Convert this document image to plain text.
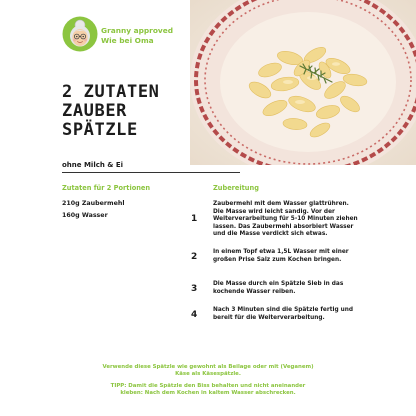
Granny approved
Wie bei Oma
2 ZUTATEN
ZAUBER
SPÄTZLE
ohne Milch & Ei
Zutaten für 2 Portionen
210g Zaubermehl
160g Wasser
Zubereitung
1
Zaubermehl mit dem Wasser glattrühren. Die Masse wird leicht sandig. Vor der Weiterverarbeitung für 5-10 Minuten ziehen lassen. Das Zaubermehl absorbiert Wasser und die Masse verdickt sich etwas.
2	In einem Topf etwa 1,5L Wasser mit einer großen Prise Salz zum Kochen bringen.
3	Die Masse durch ein Spätzle Sieb in das kochende Wasser reiben.
4	Nach 3 Minuten sind die Spätzle fertig und bereit für die Weiterverarbeitung.
Verwende diese Spätzle wie gewohnt als Beilage oder mit (Veganem) Käse als Käsespätzle.
TIPP: Damit die Spätzle den Biss behalten und nicht aneinander kleben: Nach dem Kochen in kaltem Wasser abschrecken.
